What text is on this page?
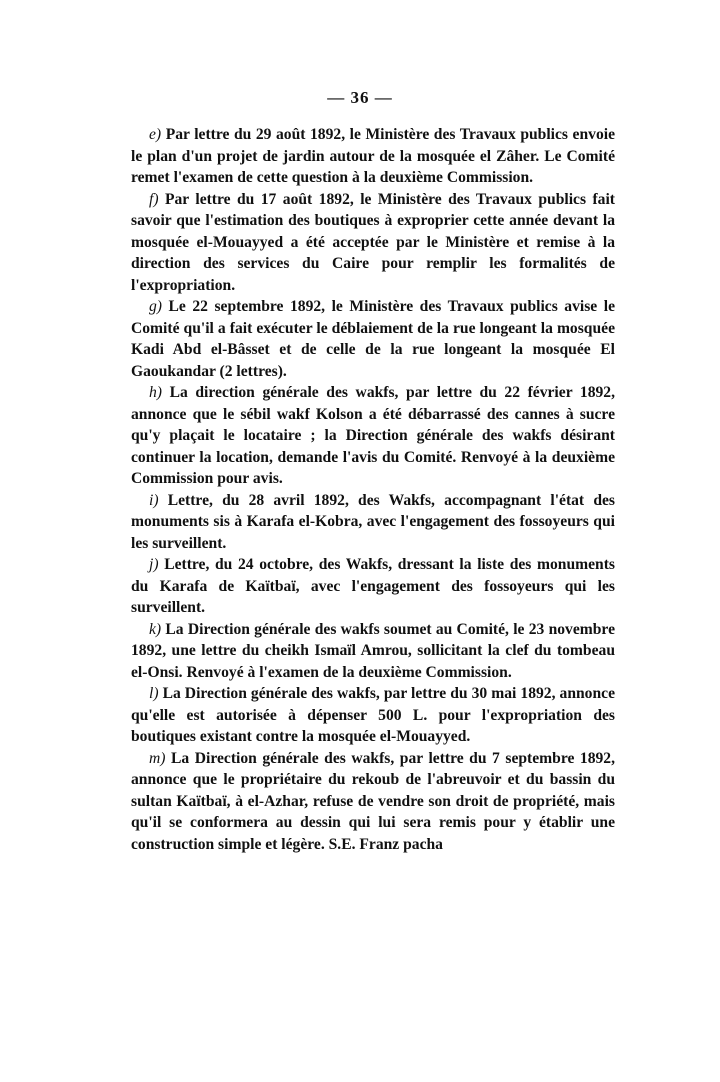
— 36 —

e) Par lettre du 29 août 1892, le Ministère des Travaux publics envoie le plan d'un projet de jardin autour de la mosquée el Zâher. Le Comité remet l'examen de cette question à la deuxième Commission.

f) Par lettre du 17 août 1892, le Ministère des Travaux publics fait savoir que l'estimation des boutiques à exproprier cette année devant la mosquée el-Mouayyed a été acceptée par le Ministère et remise à la direction des services du Caire pour remplir les formalités de l'expropriation.

g) Le 22 septembre 1892, le Ministère des Travaux publics avise le Comité qu'il a fait exécuter le déblaiement de la rue longeant la mosquée Kadi Abd el-Bâsset et de celle de la rue longeant la mosquée El Gaoukandar (2 lettres).

h) La direction générale des wakfs, par lettre du 22 février 1892, annonce que le sébil wakf Kolson a été débarrassé des cannes à sucre qu'y plaçait le locataire ; la Direction générale des wakfs désirant continuer la location, demande l'avis du Comité. Renvoyé à la deuxième Commission pour avis.

i) Lettre, du 28 avril 1892, des Wakfs, accompagnant l'état des monuments sis à Karafa el-Kobra, avec l'engagement des fossoyeurs qui les surveillent.

j) Lettre, du 24 octobre, des Wakfs, dressant la liste des monuments du Karafa de Kaïtbaï, avec l'engagement des fossoyeurs qui les surveillent.

k) La Direction générale des wakfs soumet au Comité, le 23 novembre 1892, une lettre du cheikh Ismaïl Amrou, sollicitant la clef du tombeau el-Onsi. Renvoyé à l'examen de la deuxième Commission.

l) La Direction générale des wakfs, par lettre du 30 mai 1892, annonce qu'elle est autorisée à dépenser 500 L. pour l'expropriation des boutiques existant contre la mosquée el-Mouayyed.

m) La Direction générale des wakfs, par lettre du 7 septembre 1892, annonce que le propriétaire du rekoub de l'abreuvoir et du bassin du sultan Kaïtbaï, à el-Azhar, refuse de vendre son droit de propriété, mais qu'il se conformera au dessin qui lui sera remis pour y établir une construction simple et légère. S.E. Franz pacha
